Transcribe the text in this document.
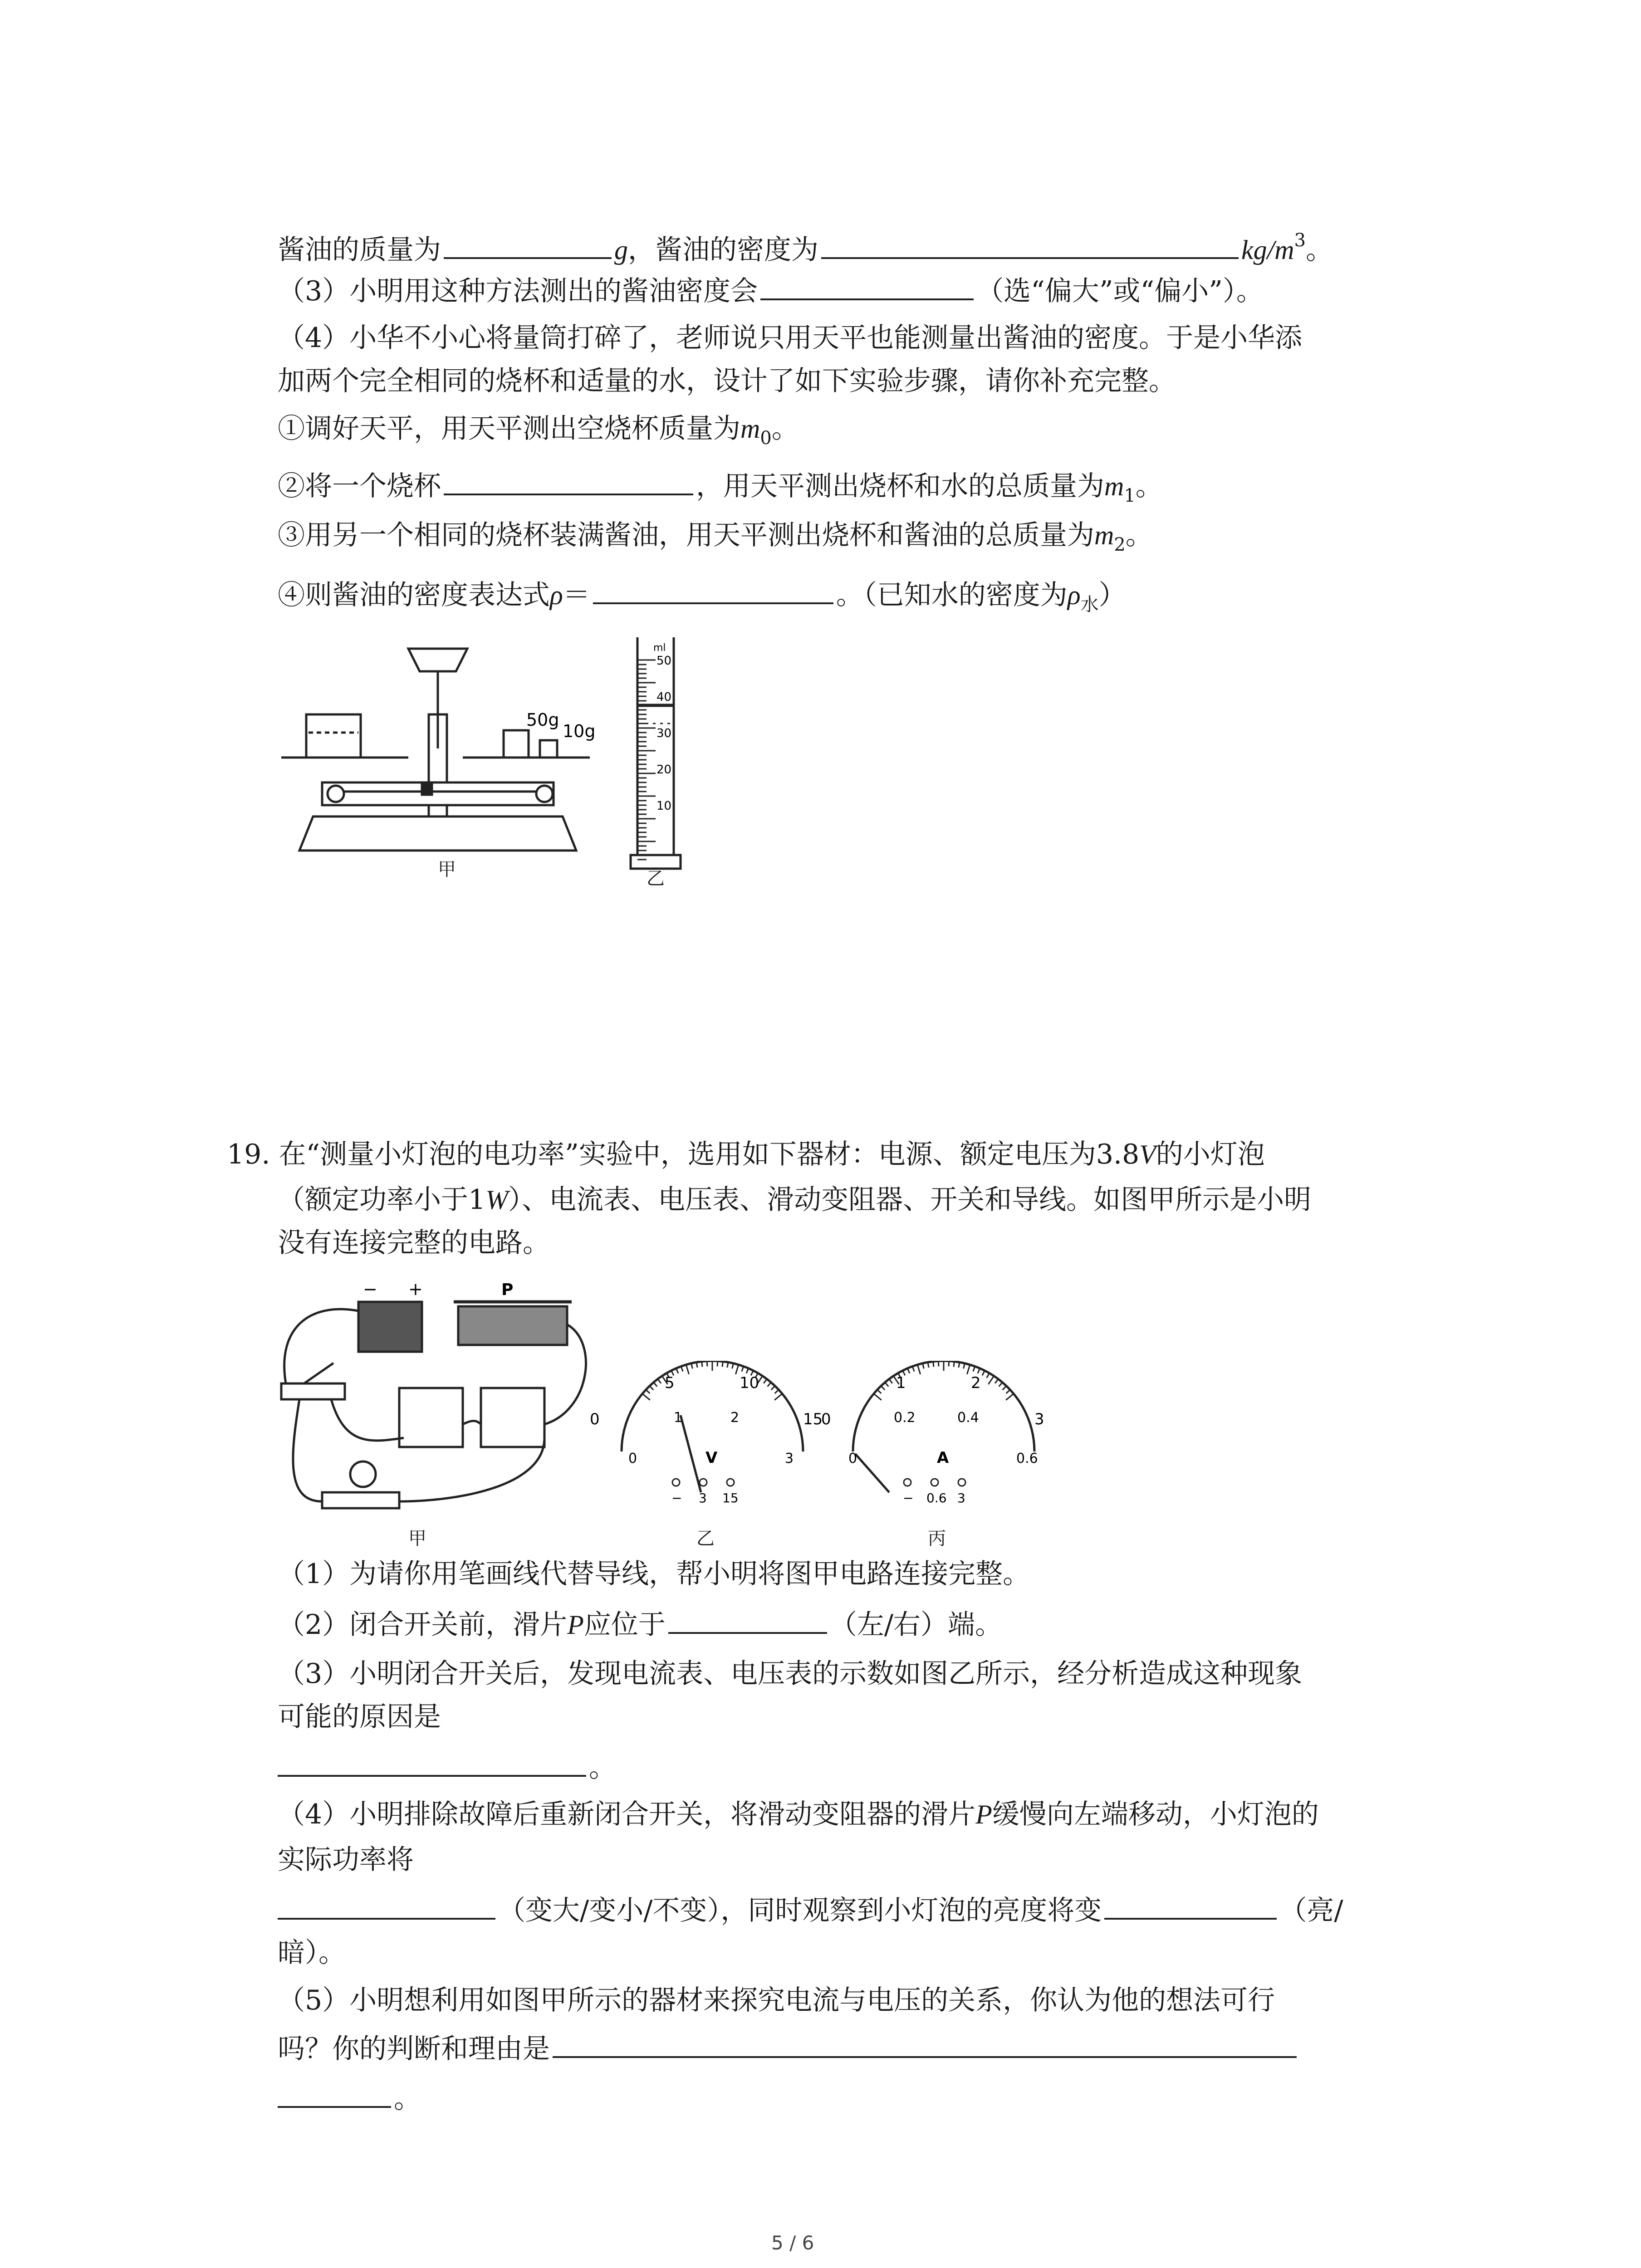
酱油的质量为	g，酱油的密度为	$kg/m^3$。
（3）小明用这种方法测出的酱油密度会	（选“偏大”或“偏小”）。
（4）小华不小心将量筒打碎了，老师说只用天平也能测量出酱油的密度。于是小华添
加两个完全相同的烧杯和适量的水，设计了如下实验步骤，请你补充完整。
①调好天平，用天平测出空烧杯质量为$m_0$。
②将一个烧杯	，用天平测出烧杯和水的总质量为$m_1$。
③用另一个相同的烧杯装满酱油，用天平测出烧杯和酱油的总质量为$m_2$。
④则酱油的密度表达式ρ＝	。（已知水的密度为$\rho_水$）
50g
10g
甲
ml
50
40
30
20
10
乙
19. 在“测量小灯泡的电功率”实验中，选用如下器材：电源、额定电压为3.8V的小灯泡
（额定功率小于1W）、电流表、电压表、滑动变阻器、开关和导线。如图甲所示是小明
没有连接完整的电路。
− +	P
甲
0
5	10
15
0
1	2
3
V
− 3 15
乙
0
1	2
3
0
0.2	0.4
0.6
A
− 0.6 3
丙
（1）为请你用笔画线代替导线，帮小明将图甲电路连接完整。
（2）闭合开关前，滑片P应位于	（左/右）端。
（3）小明闭合开关后，发现电流表、电压表的示数如图乙所示，经分析造成这种现象
可能的原因是
。
（4）小明排除故障后重新闭合开关，将滑动变阻器的滑片P缓慢向左端移动，小灯泡的
实际功率将
（变大/变小/不变），同时观察到小灯泡的亮度将变	（亮/
暗）。
（5）小明想利用如图甲所示的器材来探究电流与电压的关系，你认为他的想法可行
吗？你的判断和理由是
。
5 / 6
